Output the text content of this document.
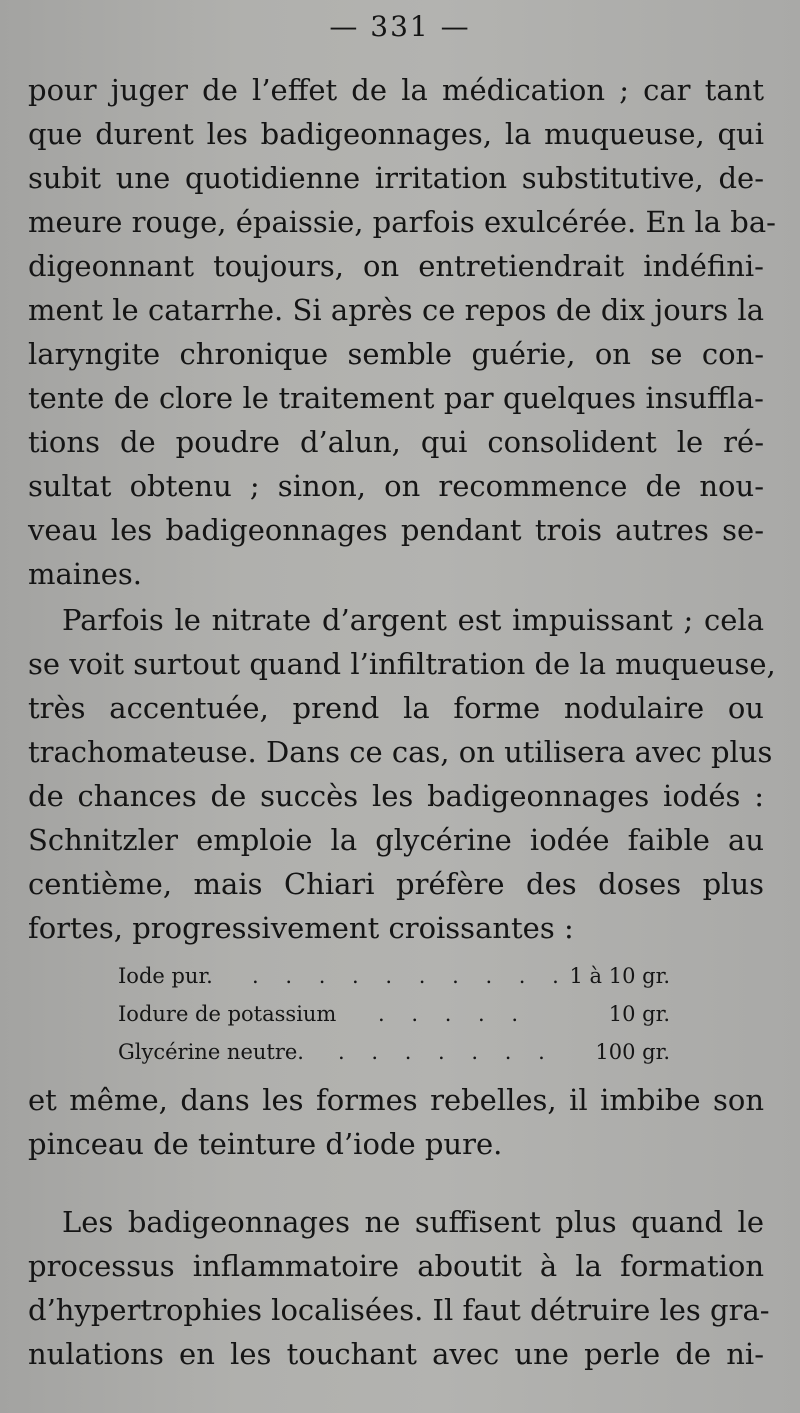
— 331 —

pour juger de l’effet de la médication ; car tant

que durent les badigeonnages, la muqueuse, qui

subit une quotidienne irritation substitutive, de-

meure rouge, épaissie, parfois exulcérée. En la ba-

digeonnant toujours, on entretiendrait indéfini-

ment le catarrhe. Si après ce repos de dix jours la

laryngite chronique semble guérie, on se con-

tente de clore le traitement par quelques insuffla-

tions de poudre d’alun, qui consolident le ré-

sultat obtenu ; sinon, on recommence de nou-

veau les badigeonnages pendant trois autres se-

maines.

Parfois le nitrate d’argent est impuissant ; cela

se voit surtout quand l’infiltration de la muqueuse,

très accentuée, prend la forme nodulaire ou

trachomateuse. Dans ce cas, on utilisera avec plus

de chances de succès les badigeonnages iodés :

Schnitzler emploie la glycérine iodée faible au

centième, mais Chiari préfère des doses plus

fortes, progressivement croissantes :

Iode pur. . . . . . . . . . . 1 à 10 gr.
Iodure de potassium . . . . .	10 gr.
Glycérine neutre. . . . . . . .	100 gr.

et même, dans les formes rebelles, il imbibe son

pinceau de teinture d’iode pure.

Les badigeonnages ne suffisent plus quand le

processus inflammatoire aboutit à la formation

d’hypertrophies localisées. Il faut détruire les gra-

nulations en les touchant avec une perle de ni-
